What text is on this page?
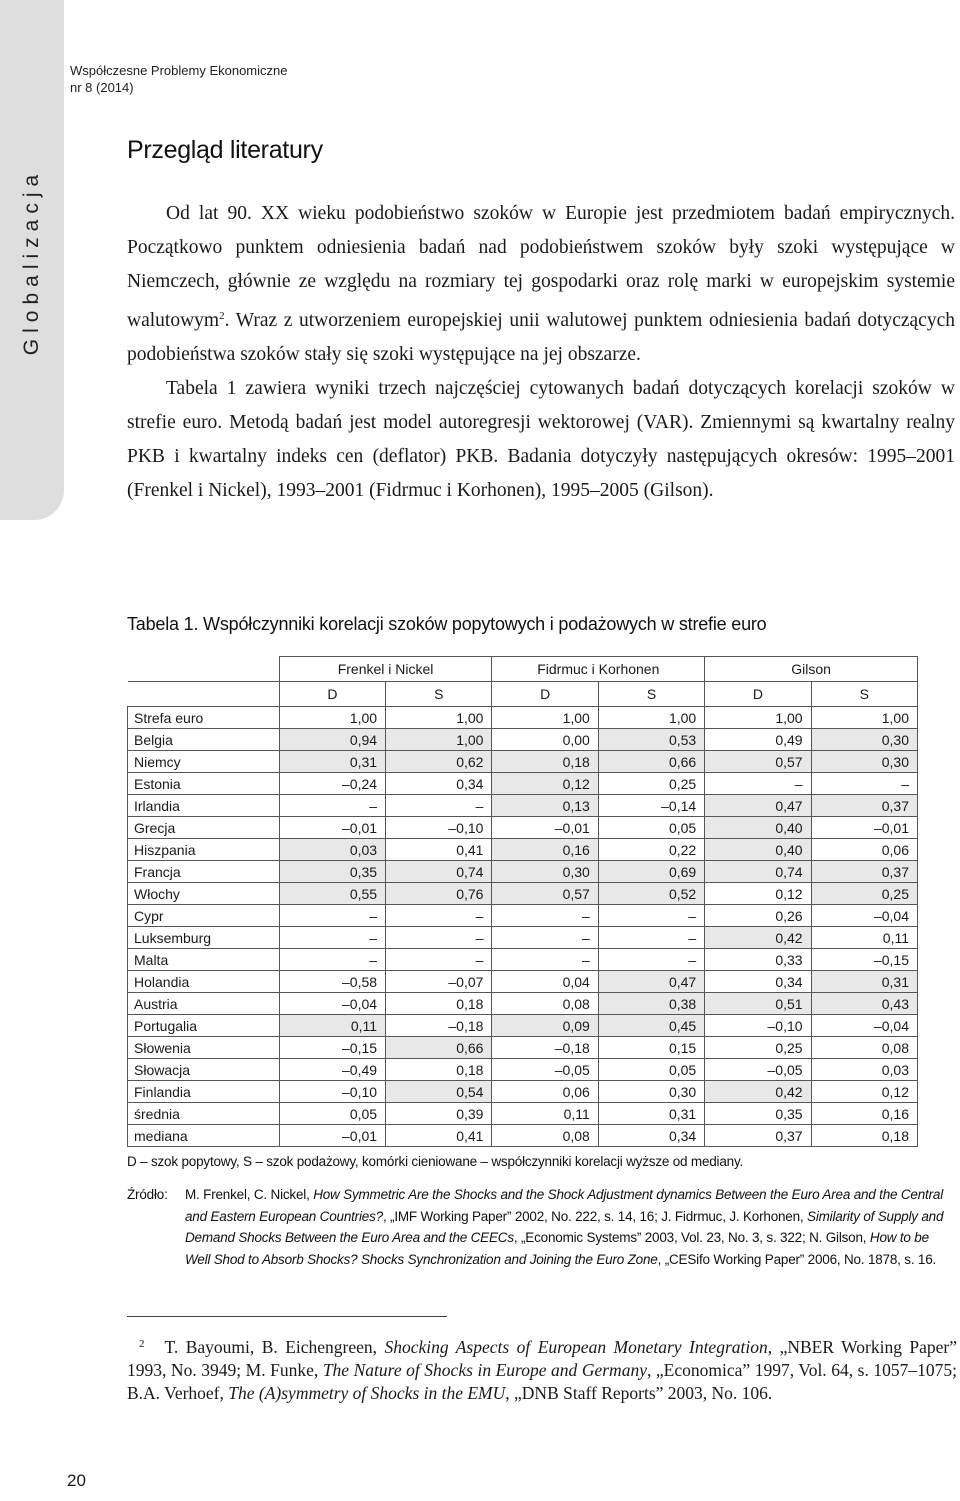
Globalizacja
Współczesne Problemy Ekonomiczne
nr 8 (2014)
Przegląd literatury

Od lat 90. XX wieku podobieństwo szoków w Europie jest przedmiotem badań empirycznych. Początkowo punktem odniesienia badań nad podobieństwem szoków były szoki występujące w Niemczech, głównie ze względu na rozmiary tej gospodarki oraz rolę marki w europejskim systemie walutowym$^2$. Wraz z utworzeniem europejskiej unii walutowej punktem odniesienia badań dotyczących podobieństwa szoków stały się szoki występujące na jej obszarze.

Tabela 1 zawiera wyniki trzech najczęściej cytowanych badań dotyczących korelacji szoków w strefie euro. Metodą badań jest model autoregresji wektorowej (VAR). Zmiennymi są kwartalny realny PKB i kwartalny indeks cen (deflator) PKB. Badania dotyczyły następujących okresów: 1995–2001 (Frenkel i Nickel), 1993–2001 (Fidrmuc i Korhonen), 1995–2005 (Gilson).

Tabela 1. Współczynniki korelacji szoków popytowych i podażowych w strefie euro
	Frenkel i Nickel		Fidrmuc i Korhonen		Gilson	
	D	S	D	S	D	S
Strefa euro	1,00	1,00	1,00	1,00	1,00	1,00
Belgia	0,94	1,00	0,00	0,53	0,49	0,30
Niemcy	0,31	0,62	0,18	0,66	0,57	0,30
Estonia	–0,24	0,34	0,12	0,25	–	–
Irlandia	–	–	0,13	–0,14	0,47	0,37
Grecja	–0,01	–0,10	–0,01	0,05	0,40	–0,01
Hiszpania	0,03	0,41	0,16	0,22	0,40	0,06
Francja	0,35	0,74	0,30	0,69	0,74	0,37
Włochy	0,55	0,76	0,57	0,52	0,12	0,25
Cypr	–	–	–	–	0,26	–0,04
Luksemburg	–	–	–	–	0,42	0,11
Malta	–	–	–	–	0,33	–0,15
Holandia	–0,58	–0,07	0,04	0,47	0,34	0,31
Austria	–0,04	0,18	0,08	0,38	0,51	0,43
Portugalia	0,11	–0,18	0,09	0,45	–0,10	–0,04
Słowenia	–0,15	0,66	–0,18	0,15	0,25	0,08
Słowacja	–0,49	0,18	–0,05	0,05	–0,05	0,03
Finlandia	–0,10	0,54	0,06	0,30	0,42	0,12
średnia	0,05	0,39	0,11	0,31	0,35	0,16
mediana	–0,01	0,41	0,08	0,34	0,37	0,18
D – szok popytowy, S – szok podażowy, komórki cieniowane – współczynniki korelacji wyższe od mediany.
Źródło: M. Frenkel, C. Nickel, How Symmetric Are the Shocks and the Shock Adjustment dynamics Between the Euro Area and the Central and Eastern European Countries?, „IMF Working Paper” 2002, No. 222, s. 14, 16; J. Fidrmuc, J. Korhonen, Similarity of Supply and Demand Shocks Between the Euro Area and the CEECs, „Economic Systems” 2003, Vol. 23, No. 3, s. 322; N. Gilson, How to be Well Shod to Absorb Shocks? Shocks Synchronization and Joining the Euro Zone, „CESifo Working Paper” 2006, No. 1878, s. 16.
$^2$ T. Bayoumi, B. Eichengreen, Shocking Aspects of European Monetary Integration, „NBER Working Paper” 1993, No. 3949; M. Funke, The Nature of Shocks in Europe and Germany, „Economica” 1997, Vol. 64, s. 1057–1075; B.A. Verhoef, The (A)symmetry of Shocks in the EMU, „DNB Staff Reports” 2003, No. 106.
20
